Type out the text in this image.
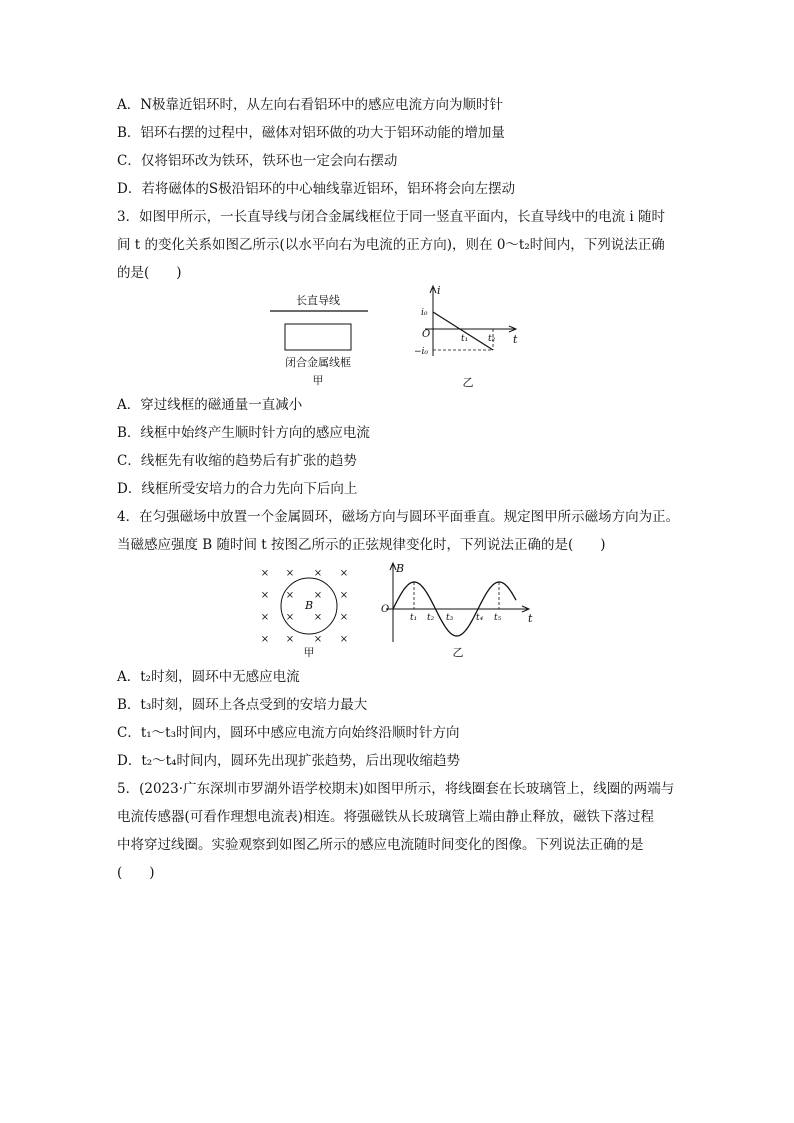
A．N极靠近铝环时，从左向右看铝环中的感应电流方向为顺时针
B．铝环右摆的过程中，磁体对铝环做的功大于铝环动能的增加量
C．仅将铝环改为铁环，铁环也一定会向右摆动
D．若将磁体的S极沿铝环的中心轴线靠近铝环，铝环将会向左摆动
3．如图甲所示，一长直导线与闭合金属线框位于同一竖直平面内，长直导线中的电流 i 随时
间 t 的变化关系如图乙所示(以水平向右为电流的正方向)，则在 0～t₂时间内，下列说法正确
的是(　　)
长直导线
闭合金属线框
甲
i
t
O
i₀
−i₀
t₁ t₂
乙
A．穿过线框的磁通量一直减小
B．线框中始终产生顺时针方向的感应电流
C．线框先有收缩的趋势后有扩张的趋势
D．线框所受安培力的合力先向下后向上
4．在匀强磁场中放置一个金属圆环，磁场方向与圆环平面垂直。规定图甲所示磁场方向为正。
当磁感应强度 B 随时间 t 按图乙所示的正弦规律变化时，下列说法正确的是(　　)
× × × ×
× × × ×
× × × ×
× × × ×
B
甲
B
t
O
t₁ t₂ t₃	t₄ t₅
乙
A．t₂时刻，圆环中无感应电流
B．t₃时刻，圆环上各点受到的安培力最大
C．t₁～t₃时间内，圆环中感应电流方向始终沿顺时针方向
D．t₂～t₄时间内，圆环先出现扩张趋势，后出现收缩趋势
5．(2023·广东深圳市罗湖外语学校期末)如图甲所示，将线圈套在长玻璃管上，线圈的两端与
电流传感器(可看作理想电流表)相连。将强磁铁从长玻璃管上端由静止释放，磁铁下落过程
中将穿过线圈。实验观察到如图乙所示的感应电流随时间变化的图像。下列说法正确的是
(　　)
